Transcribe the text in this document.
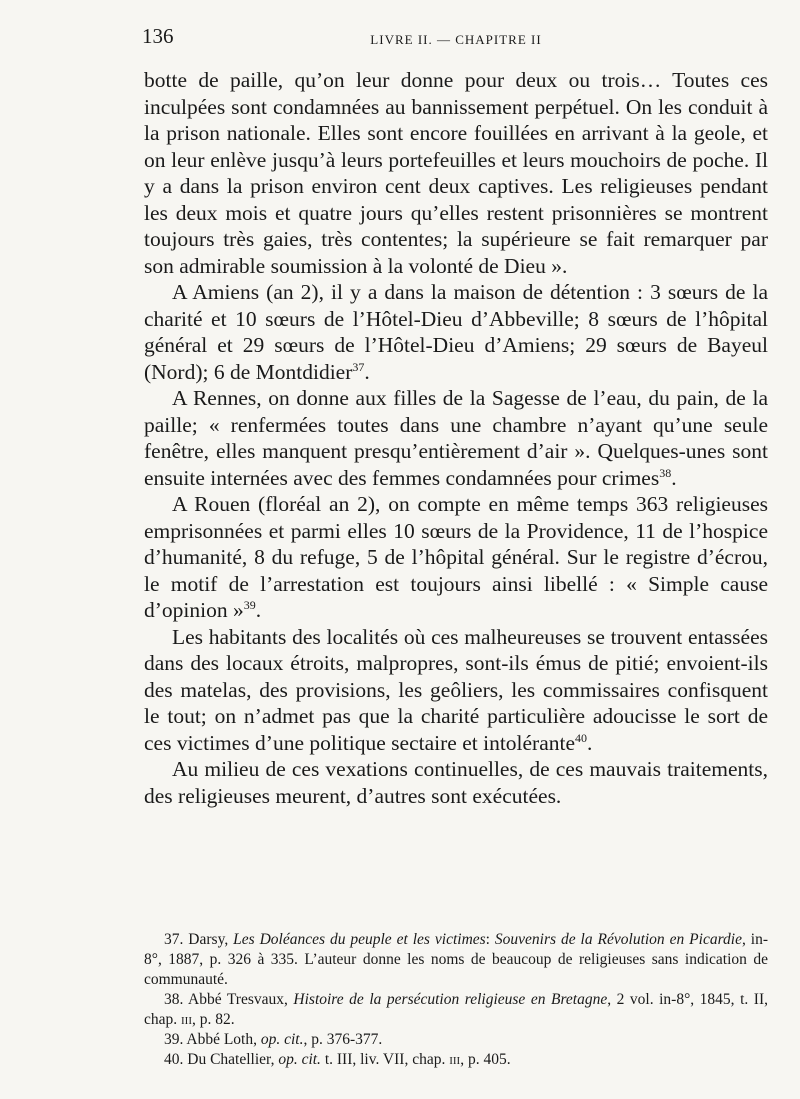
136	LIVRE II. — CHAPITRE II

botte de paille, qu’on leur donne pour deux ou trois… Toutes ces inculpées sont condamnées au bannissement perpétuel. On les conduit à la prison nationale. Elles sont encore fouillées en arrivant à la geole, et on leur enlève jusqu’à leurs portefeuilles et leurs mouchoirs de poche. Il y a dans la prison environ cent deux captives. Les religieuses pendant les deux mois et quatre jours qu’elles restent prisonnières se montrent toujours très gaies, très contentes; la supérieure se fait remarquer par son admirable soumission à la volonté de Dieu ».

A Amiens (an 2), il y a dans la maison de détention : 3 sœurs de la charité et 10 sœurs de l’Hôtel-Dieu d’Abbeville; 8 sœurs de l’hôpital général et 29 sœurs de l’Hôtel-Dieu d’Amiens; 29 sœurs de Bayeul (Nord); 6 de Montdidier$^{37}$.

A Rennes, on donne aux filles de la Sagesse de l’eau, du pain, de la paille; « renfermées toutes dans une chambre n’ayant qu’une seule fenêtre, elles manquent presqu’entièrement d’air ». Quelques-unes sont ensuite internées avec des femmes condamnées pour crimes$^{38}$.

A Rouen (floréal an 2), on compte en même temps 363 religieuses emprisonnées et parmi elles 10 sœurs de la Providence, 11 de l’hospice d’humanité, 8 du refuge, 5 de l’hôpital général. Sur le registre d’écrou, le motif de l’arrestation est toujours ainsi libellé : « Simple cause d’opinion »$^{39}$.

Les habitants des localités où ces malheureuses se trouvent entassées dans des locaux étroits, malpropres, sont-ils émus de pitié; envoient-ils des matelas, des provisions, les geôliers, les commissaires confisquent le tout; on n’admet pas que la charité particulière adoucisse le sort de ces victimes d’une politique sectaire et intolérante$^{40}$.

Au milieu de ces vexations continuelles, de ces mauvais traitements, des religieuses meurent, d’autres sont exécutées.

37. Darsy, Les Doléances du peuple et les victimes: Souvenirs de la Révolution en Picardie, in-8°, 1887, p. 326 à 335. L’auteur donne les noms de beaucoup de religieuses sans indication de communauté.

38. Abbé Tresvaux, Histoire de la persécution religieuse en Bretagne, 2 vol. in-8°, 1845, t. II, chap. iii, p. 82.

39. Abbé Loth, op. cit., p. 376-377.

40. Du Chatellier, op. cit. t. III, liv. VII, chap. iii, p. 405.
